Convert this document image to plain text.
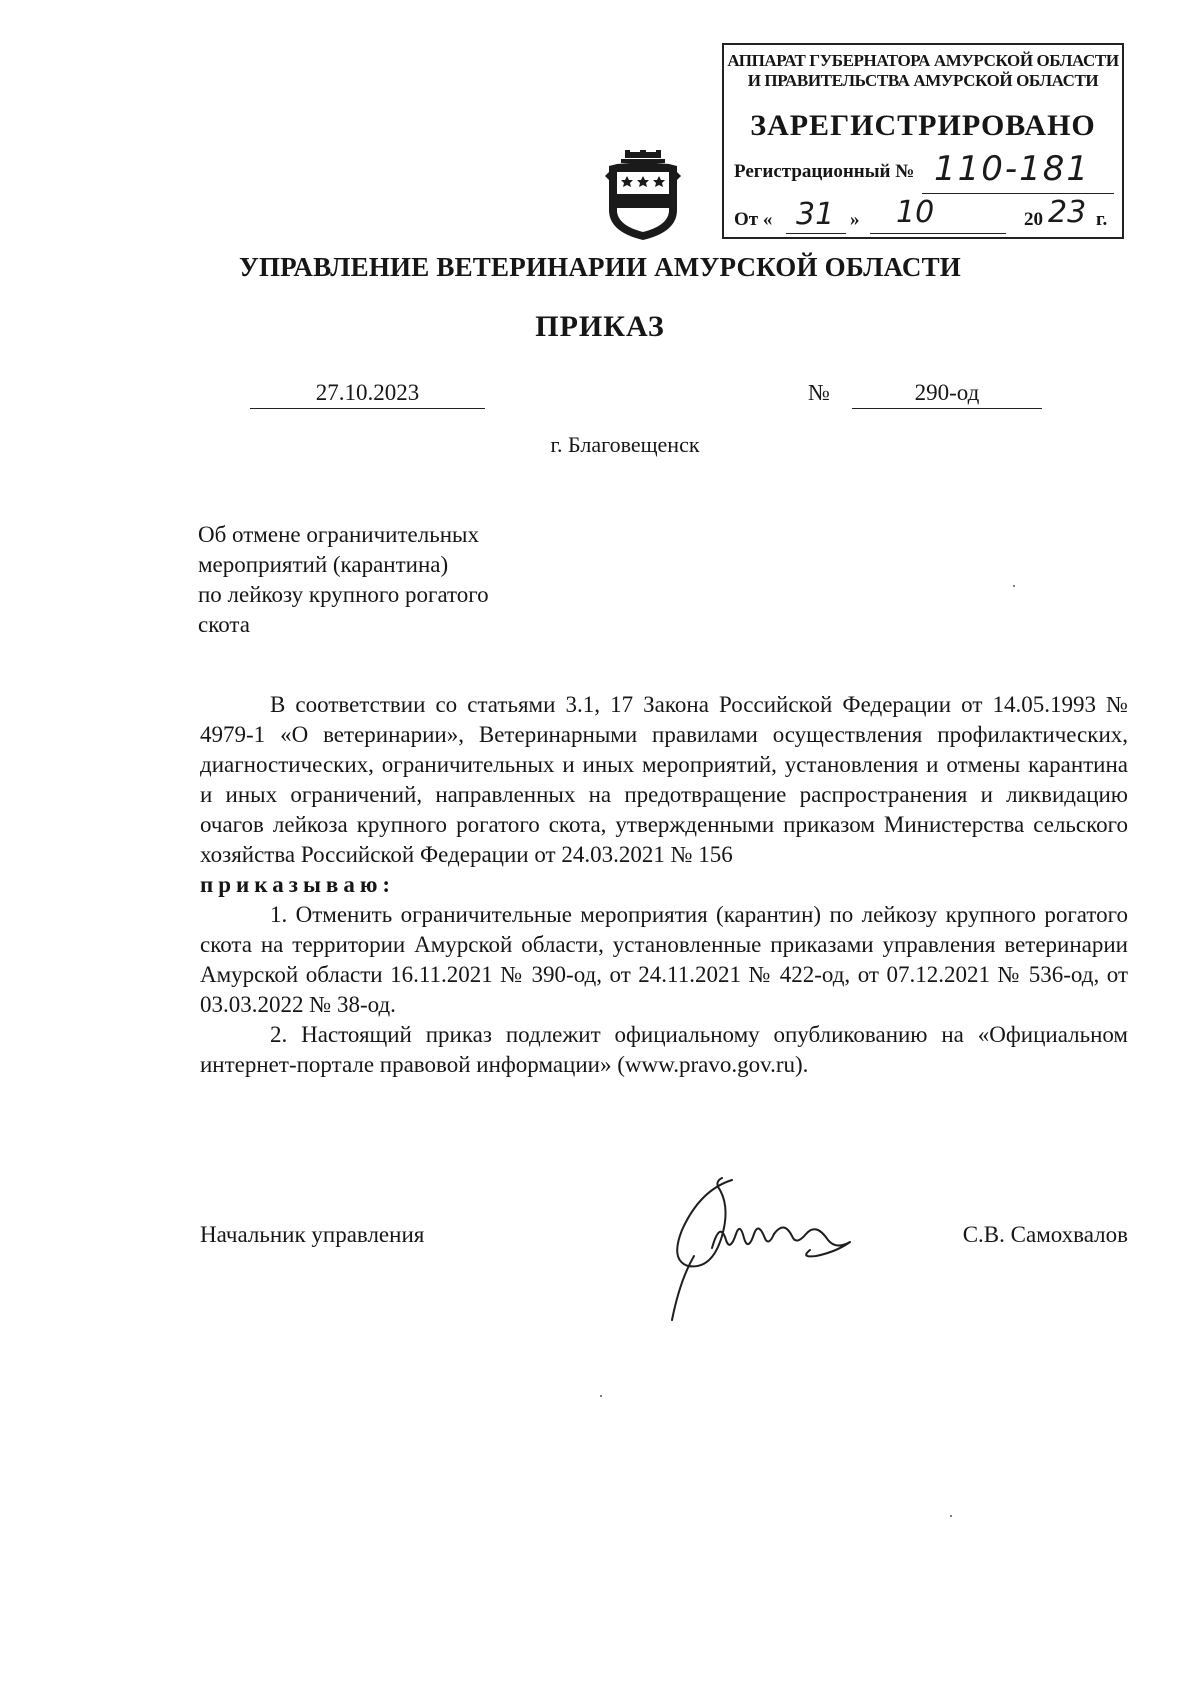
АППАРАТ ГУБЕРНАТОРА АМУРСКОЙ ОБЛАСТИ
И ПРАВИТЕЛЬСТВА АМУРСКОЙ ОБЛАСТИ
ЗАРЕГИСТРИРОВАНО
Регистрационный № 110-181
От « 31 » 10	20 23 г.
УПРАВЛЕНИЕ ВЕТЕРИНАРИИ АМУРСКОЙ ОБЛАСТИ
ПРИКАЗ
27.10.2023	№	290-од
г. Благовещенск
Об отмене ограничительных
мероприятий (карантина)
по лейкозу крупного рогатого
скота

В соответствии со статьями 3.1, 17 Закона Российской Федерации от 14.05.1993 № 4979-1 «О ветеринарии», Ветеринарными правилами осуществления профилактических, диагностических, ограничительных и иных мероприятий, установления и отмены карантина и иных ограничений, направленных на предотвращение распространения и ликвидацию очагов лейкоза крупного рогатого скота, утвержденными приказом Министерства сельского хозяйства Российской Федерации от 24.03.2021 № 156

приказываю:

1. Отменить ограничительные мероприятия (карантин) по лейкозу крупного рогатого скота на территории Амурской области, установленные приказами управления ветеринарии Амурской области 16.11.2021 № 390-од, от 24.11.2021 № 422-од, от 07.12.2021 № 536-од, от 03.03.2022 № 38-од.

2. Настоящий приказ подлежит официальному опубликованию на «Официальном интернет-портале правовой информации» (www.pravo.gov.ru).

Начальник управления	С.В. Самохвалов
